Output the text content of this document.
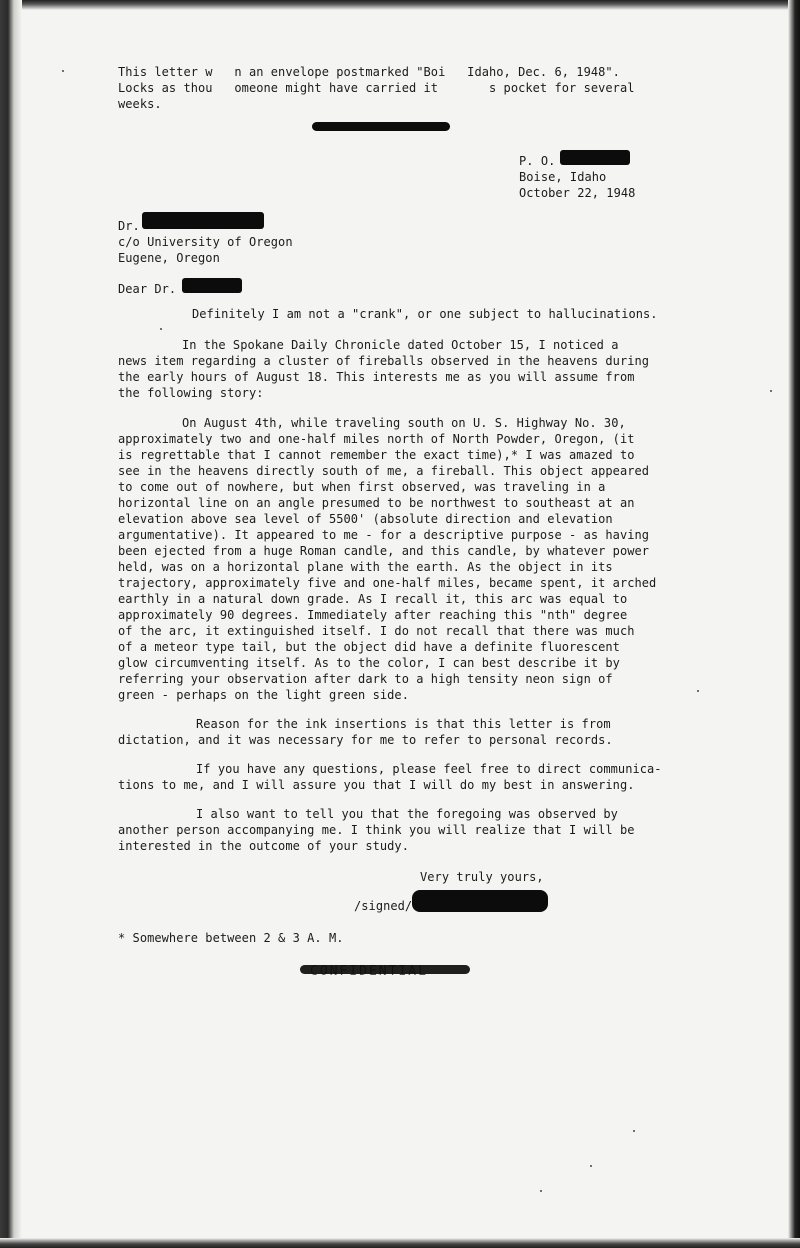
This letter w   n an envelope postmarked "Boi   Idaho, Dec. 6, 1948".

Locks as thou   omeone might have carried it       s pocket for several

weeks.

P. O.

Boise, Idaho

October 22, 1948

Dr.

c/o University of Oregon

Eugene, Oregon

Dear Dr.

Definitely I am not a "crank", or one subject to hallucinations.

In the Spokane Daily Chronicle dated October 15, I noticed a

news item regarding a cluster of fireballs observed in the heavens during

the early hours of August 18. This interests me as you will assume from

the following story:

On August 4th, while traveling south on U. S. Highway No. 30,

approximately two and one-half miles north of North Powder, Oregon, (it

is regrettable that I cannot remember the exact time),* I was amazed to

see in the heavens directly south of me, a fireball. This object appeared

to come out of nowhere, but when first observed, was traveling in a

horizontal line on an angle presumed to be northwest to southeast at an

elevation above sea level of 5500' (absolute direction and elevation

argumentative). It appeared to me - for a descriptive purpose - as having

been ejected from a huge Roman candle, and this candle, by whatever power

held, was on a horizontal plane with the earth. As the object in its

trajectory, approximately five and one-half miles, became spent, it arched

earthly in a natural down grade. As I recall it, this arc was equal to

approximately 90 degrees. Immediately after reaching this "nth" degree

of the arc, it extinguished itself. I do not recall that there was much

of a meteor type tail, but the object did have a definite fluorescent

glow circumventing itself. As to the color, I can best describe it by

referring your observation after dark to a high tensity neon sign of

green - perhaps on the light green side.

Reason for the ink insertions is that this letter is from

dictation, and it was necessary for me to refer to personal records.

If you have any questions, please feel free to direct communica-

tions to me, and I will assure you that I will do my best in answering.

I also want to tell you that the foregoing was observed by

another person accompanying me. I think you will realize that I will be

interested in the outcome of your study.

Very truly yours,

/signed/

* Somewhere between 2 & 3 A. M.
